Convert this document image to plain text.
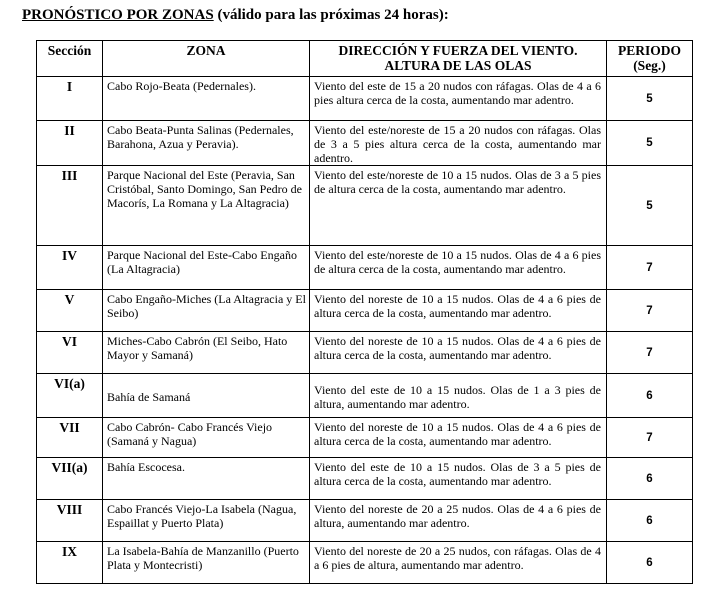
PRONÓSTICO POR ZONAS (válido para las próximas 24 horas):
Sección	ZONA	DIRECCIÓN Y FUERZA DEL VIENTO. ALTURA DE LAS OLAS	PERIODO (Seg.)
I	Cabo Rojo-Beata (Pedernales).	Viento del este de 15 a 20 nudos con ráfagas. Olas de 4 a 6 pies altura cerca de la costa, aumentando mar adentro.	5
II	Cabo Beata-Punta Salinas (Pedernales, Barahona, Azua y Peravia).	Viento del este/noreste de 15 a 20 nudos con ráfagas. Olas de 3 a 5 pies altura cerca de la costa, aumentando mar adentro.	5
III	Parque Nacional del Este (Peravia, San Cristóbal, Santo Domingo, San Pedro de Macorís, La Romana y La Altagracia)	Viento del este/noreste de 10 a 15 nudos. Olas de 3 a 5 pies de altura cerca de la costa, aumentando mar adentro.	5
IV	Parque Nacional del Este-Cabo Engaño (La Altagracia)	Viento del este/noreste de 10 a 15 nudos. Olas de 4 a 6 pies de altura cerca de la costa, aumentando mar adentro.	7
V	Cabo Engaño-Miches (La Altagracia y El Seibo)	Viento del noreste de 10 a 15 nudos. Olas de 4 a 6 pies de altura cerca de la costa, aumentando mar adentro.	7
VI	Miches-Cabo Cabrón (El Seibo, Hato Mayor y Samaná)	Viento del noreste de 10 a 15 nudos. Olas de 4 a 6 pies de altura cerca de la costa, aumentando mar adentro.	7
VI(a)	Bahía de Samaná	Viento del este de 10 a 15 nudos. Olas de 1 a 3 pies de altura, aumentando mar adentro.	6
VII	Cabo Cabrón- Cabo Francés Viejo (Samaná y Nagua)	Viento del noreste de 10 a 15 nudos. Olas de 4 a 6 pies de altura cerca de la costa, aumentando mar adentro.	7
VII(a)	Bahía Escocesa.	Viento del este de 10 a 15 nudos. Olas de 3 a 5 pies de altura cerca de la costa, aumentando mar adentro.	6
VIII	Cabo Francés Viejo-La Isabela (Nagua, Espaillat y Puerto Plata)	Viento del noreste de 20 a 25 nudos. Olas de 4 a 6 pies de altura, aumentando mar adentro.	6
IX	La Isabela-Bahía de Manzanillo (Puerto Plata y Montecristi)	Viento del noreste de 20 a 25 nudos, con ráfagas. Olas de 4 a 6 pies de altura, aumentando mar adentro.	6
